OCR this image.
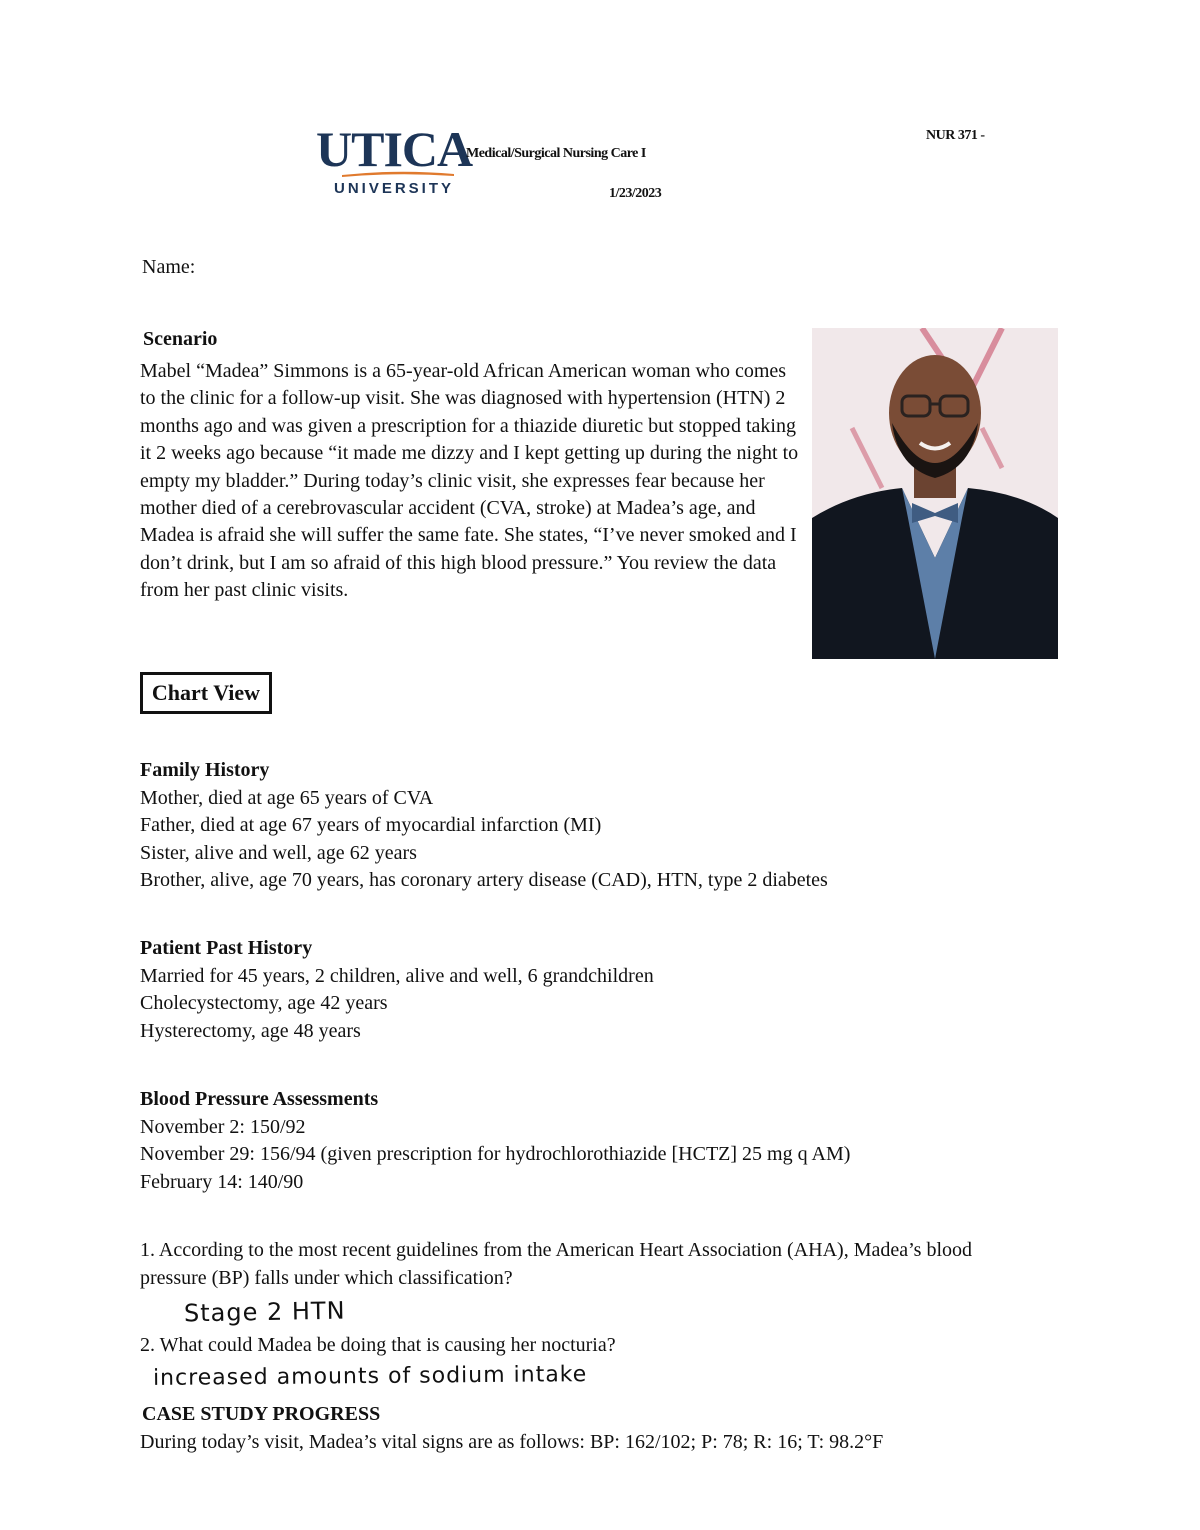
UTICA
UNIVERSITY
Medical/Surgical Nursing Care I
1/23/2023
NUR 371 -
Name:
Scenario
Mabel “Madea” Simmons is a 65-year-old African American woman who comes to the clinic for a follow-up visit. She was diagnosed with hypertension (HTN) 2 months ago and was given a prescription for a thiazide diuretic but stopped taking it 2 weeks ago because “it made me dizzy and I kept getting up during the night to empty my bladder.” During today’s clinic visit, she expresses fear because her mother died of a cerebrovascular accident (CVA, stroke) at Madea’s age, and Madea is afraid she will suffer the same fate. She states, “I’ve never smoked and I don’t drink, but I am so afraid of this high blood pressure.” You review the data from her past clinic visits.
Chart View
Family History
Mother, died at age 65 years of CVA
Father, died at age 67 years of myocardial infarction (MI)
Sister, alive and well, age 62 years
Brother, alive, age 70 years, has coronary artery disease (CAD), HTN, type 2 diabetes
Patient Past History
Married for 45 years, 2 children, alive and well, 6 grandchildren
Cholecystectomy, age 42 years
Hysterectomy, age 48 years
Blood Pressure Assessments
November 2: 150/92
November 29: 156/94 (given prescription for hydrochlorothiazide [HCTZ] 25 mg q AM)
February 14: 140/90
1. According to the most recent guidelines from the American Heart Association (AHA), Madea’s blood pressure (BP) falls under which classification?
Stage 2 HTN
2. What could Madea be doing that is causing her nocturia?
increased amounts of sodium intake
CASE STUDY PROGRESS
During today’s visit, Madea’s vital signs are as follows: BP: 162/102; P: 78; R: 16; T: 98.2°F
